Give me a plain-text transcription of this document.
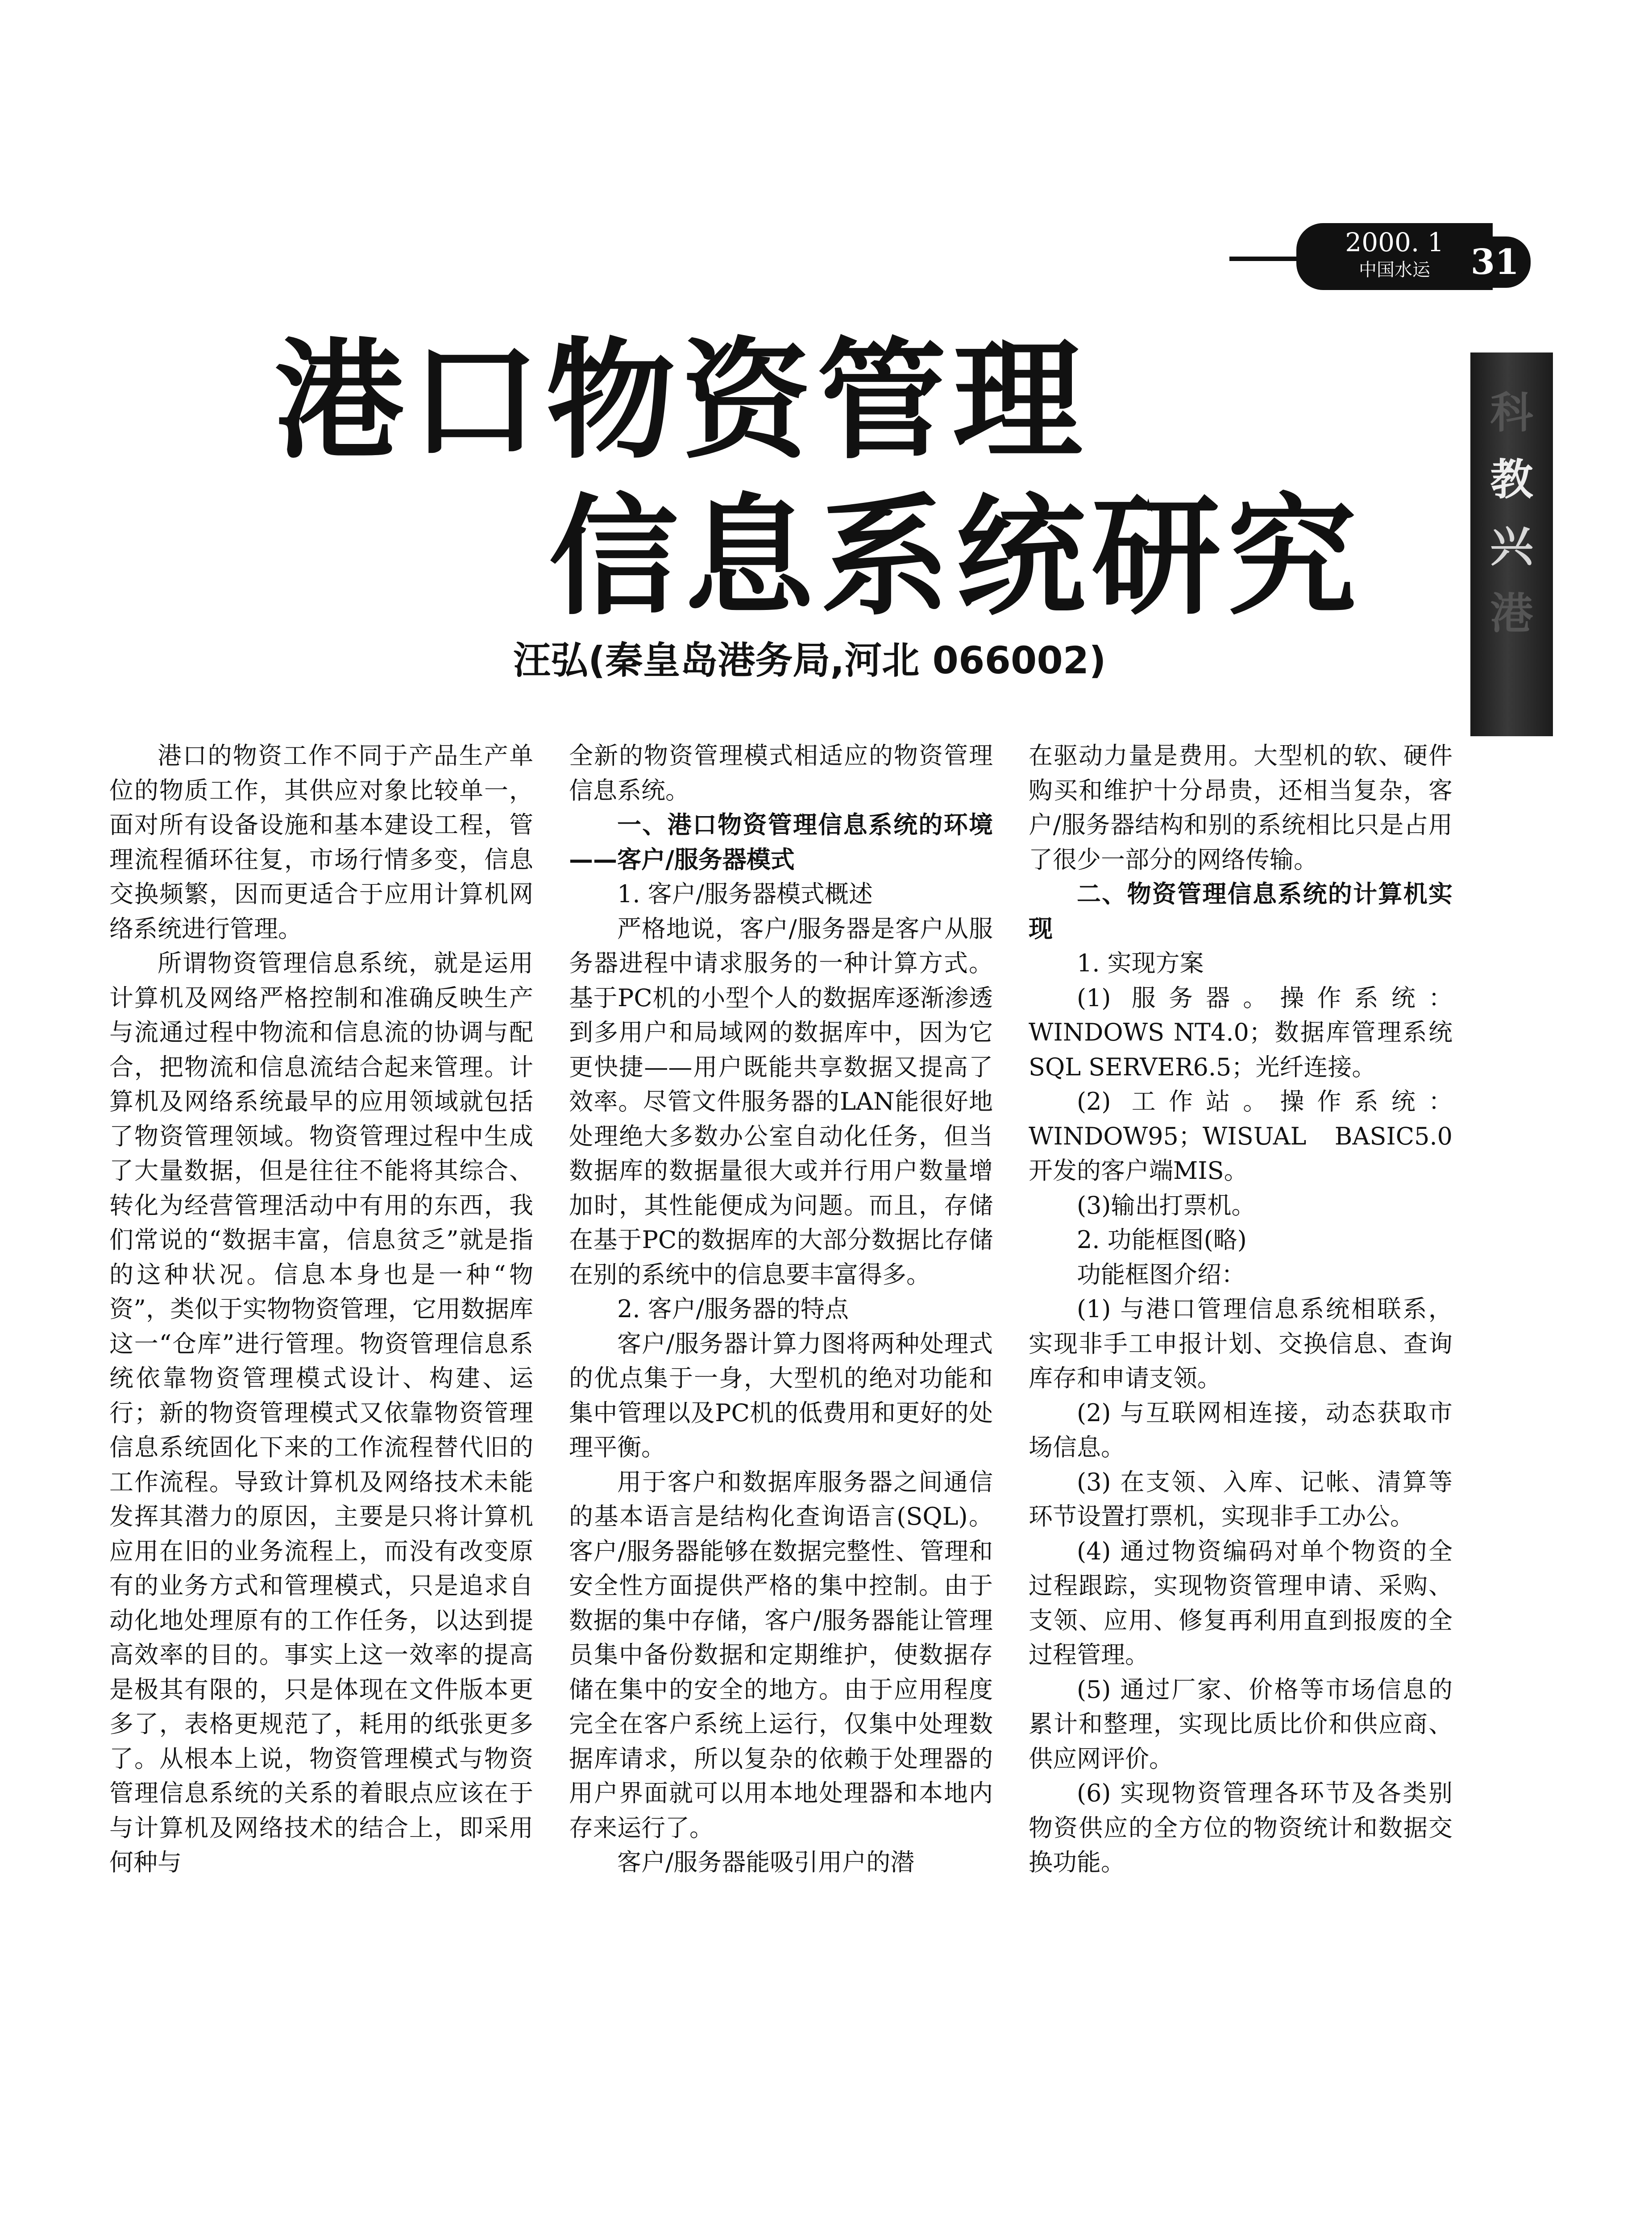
2000. 1
中国水运	31
科
教
兴
港
港口物资管理
信息系统研究
汪弘(秦皇岛港务局,河北 066002)

港口的物资工作不同于产品生产单位的物质工作，其供应对象比较单一，面对所有设备设施和基本建设工程，管理流程循环往复，市场行情多变，信息交换频繁，因而更适合于应用计算机网络系统进行管理。

所谓物资管理信息系统，就是运用计算机及网络严格控制和准确反映生产与流通过程中物流和信息流的协调与配合，把物流和信息流结合起来管理。计算机及网络系统最早的应用领域就包括了物资管理领域。物资管理过程中生成了大量数据，但是往往不能将其综合、转化为经营管理活动中有用的东西，我们常说的“数据丰富，信息贫乏”就是指的这种状况。信息本身也是一种“物资”，类似于实物物资管理，它用数据库这一“仓库”进行管理。物资管理信息系统依靠物资管理模式设计、构建、运行；新的物资管理模式又依靠物资管理信息系统固化下来的工作流程替代旧的工作流程。导致计算机及网络技术未能发挥其潜力的原因，主要是只将计算机应用在旧的业务流程上，而没有改变原有的业务方式和管理模式，只是追求自动化地处理原有的工作任务，以达到提高效率的目的。事实上这一效率的提高是极其有限的，只是体现在文件版本更多了，表格更规范了，耗用的纸张更多了。从根本上说，物资管理模式与物资管理信息系统的关系的着眼点应该在于与计算机及网络技术的结合上，即采用何种与

全新的物资管理模式相适应的物资管理信息系统。

一、港口物资管理信息系统的环境——客户/服务器模式

1. 客户/服务器模式概述

严格地说，客户/服务器是客户从服务器进程中请求服务的一种计算方式。基于PC机的小型个人的数据库逐渐渗透到多用户和局域网的数据库中，因为它更快捷——用户既能共享数据又提高了效率。尽管文件服务器的LAN能很好地处理绝大多数办公室自动化任务，但当数据库的数据量很大或并行用户数量增加时，其性能便成为问题。而且，存储在基于PC的数据库的大部分数据比存储在别的系统中的信息要丰富得多。

2. 客户/服务器的特点

客户/服务器计算力图将两种处理式的优点集于一身，大型机的绝对功能和集中管理以及PC机的低费用和更好的处理平衡。

用于客户和数据库服务器之间通信的基本语言是结构化查询语言(SQL)。客户/服务器能够在数据完整性、管理和安全性方面提供严格的集中控制。由于数据的集中存储，客户/服务器能让管理员集中备份数据和定期维护，使数据存储在集中的安全的地方。由于应用程度完全在客户系统上运行，仅集中处理数据库请求，所以复杂的依赖于处理器的用户界面就可以用本地处理器和本地内存来运行了。

客户/服务器能吸引用户的潜

在驱动力量是费用。大型机的软、硬件购买和维护十分昂贵，还相当复杂，客户/服务器结构和别的系统相比只是占用了很少一部分的网络传输。

二、物资管理信息系统的计算机实现

1. 实现方案

(1) 服务器。操作系统：WINDOWS NT4.0；数据库管理系统SQL SERVER6.5；光纤连接。

(2) 工作站。操作系统：WINDOW95；WISUAL BASIC5.0开发的客户端MIS。

(3)输出打票机。

2. 功能框图(略)

功能框图介绍：

(1) 与港口管理信息系统相联系，实现非手工申报计划、交换信息、查询库存和申请支领。

(2) 与互联网相连接，动态获取市场信息。

(3) 在支领、入库、记帐、清算等环节设置打票机，实现非手工办公。

(4) 通过物资编码对单个物资的全过程跟踪，实现物资管理申请、采购、支领、应用、修复再利用直到报废的全过程管理。

(5) 通过厂家、价格等市场信息的累计和整理，实现比质比价和供应商、供应网评价。

(6) 实现物资管理各环节及各类别物资供应的全方位的物资统计和数据交换功能。
